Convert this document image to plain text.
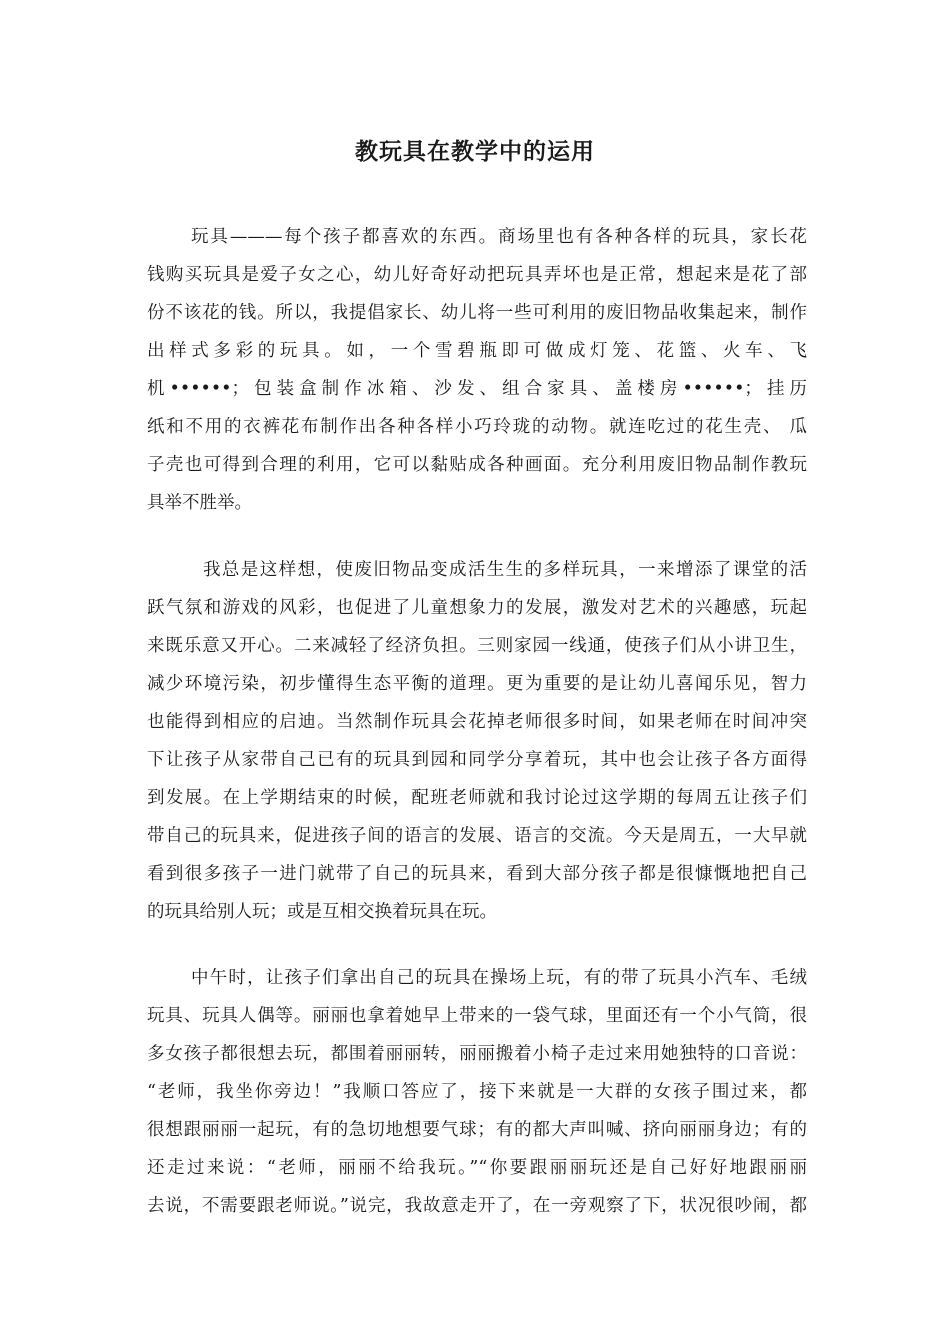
教玩具在教学中的运用
玩具———每个孩子都喜欢的东西。商场里也有各种各样的玩具，家长花
钱购买玩具是爱子女之心，幼儿好奇好动把玩具弄坏也是正常，想起来是花了部
份不该花的钱。所以，我提倡家长、幼儿将一些可利用的废旧物品收集起来，制作
出样式多彩的玩具。如，一个雪碧瓶即可做成灯笼、花篮、火车、飞
机••••••；包装盒制作冰箱、沙发、组合家具、盖楼房••••••；挂历
纸和不用的衣裤花布制作出各种各样小巧玲珑的动物。就连吃过的花生壳、 瓜
子壳也可得到合理的利用，它可以黏贴成各种画面。充分利用废旧物品制作教玩
具举不胜举。
我总是这样想，使废旧物品变成活生生的多样玩具，一来增添了课堂的活
跃气氛和游戏的风彩，也促进了儿童想象力的发展，激发对艺术的兴趣感，玩起
来既乐意又开心。二来减轻了经济负担。三则家园一线通，使孩子们从小讲卫生，
减少环境污染，初步懂得生态平衡的道理。更为重要的是让幼儿喜闻乐见，智力
也能得到相应的启迪。当然制作玩具会花掉老师很多时间，如果老师在时间冲突
下让孩子从家带自己已有的玩具到园和同学分享着玩，其中也会让孩子各方面得
到发展。在上学期结束的时候，配班老师就和我讨论过这学期的每周五让孩子们
带自己的玩具来，促进孩子间的语言的发展、语言的交流。今天是周五，一大早就
看到很多孩子一进门就带了自己的玩具来，看到大部分孩子都是很慷慨地把自己
的玩具给别人玩；或是互相交换着玩具在玩。
中午时，让孩子们拿出自己的玩具在操场上玩，有的带了玩具小汽车、毛绒
玩具、玩具人偶等。丽丽也拿着她早上带来的一袋气球，里面还有一个小气筒，很
多女孩子都很想去玩，都围着丽丽转，丽丽搬着小椅子走过来用她独特的口音说：
“老师，我坐你旁边！”我顺口答应了，接下来就是一大群的女孩子围过来，都
很想跟丽丽一起玩，有的急切地想要气球；有的都大声叫喊、挤向丽丽身边；有的
还走过来说：“老师，丽丽不给我玩。”“你要跟丽丽玩还是自己好好地跟丽丽
去说，不需要跟老师说。”说完，我故意走开了，在一旁观察了下，状况很吵闹，都
